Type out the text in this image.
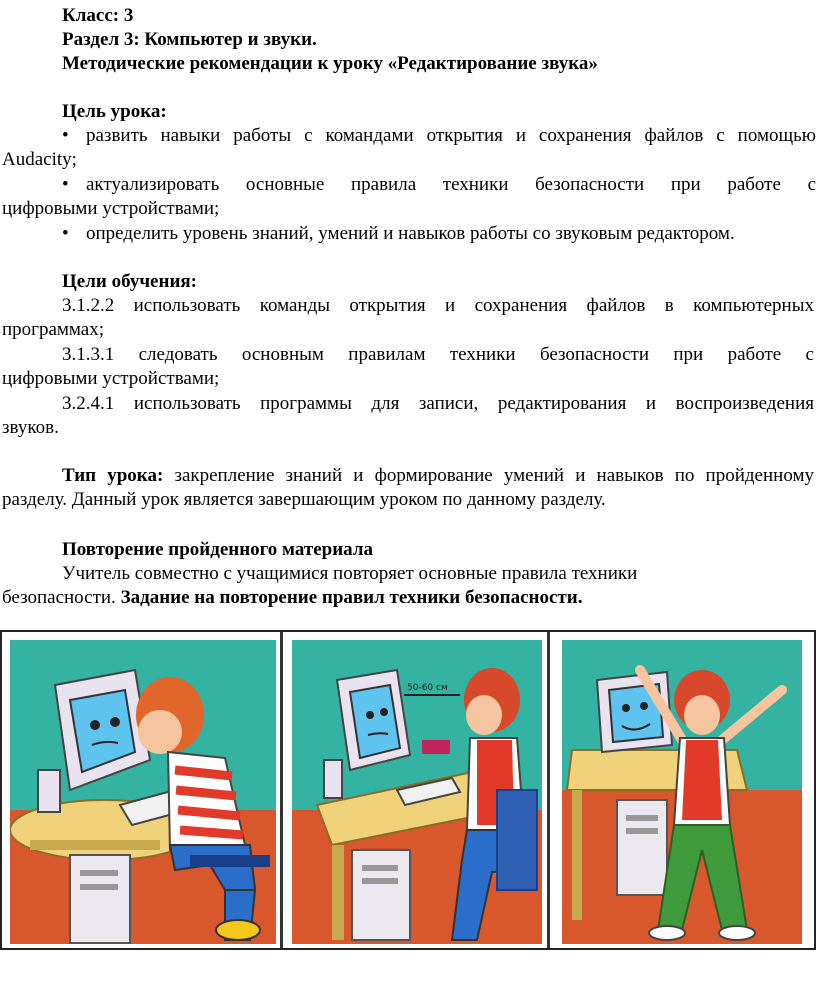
Класс: 3
Раздел 3: Компьютер и звуки.
Методические рекомендации к уроку «Редактирование звука»
Цель урока:
• развить навыки работы с командами открытия и сохранения файлов с помощью
Audacity;
• актуализировать основные правила техники безопасности при работе с
цифровыми устройствами;
• определить уровень знаний, умений и навыков работы со звуковым редактором.
Цели обучения:
3.1.2.2 использовать команды открытия и сохранения файлов в компьютерных
программах;
3.1.3.1 следовать основным правилам техники безопасности при работе с
цифровыми устройствами;
3.2.4.1 использовать программы для записи, редактирования и воспроизведения
звуков.
Тип урока: закрепление знаний и формирование умений и навыков по пройденному
разделу. Данный урок является завершающим уроком по данному разделу.
Повторение пройденного материала
Учитель совместно с учащимися повторяет основные правила техники
безопасности. Задание на повторение правил техники безопасности.
50-60 см
